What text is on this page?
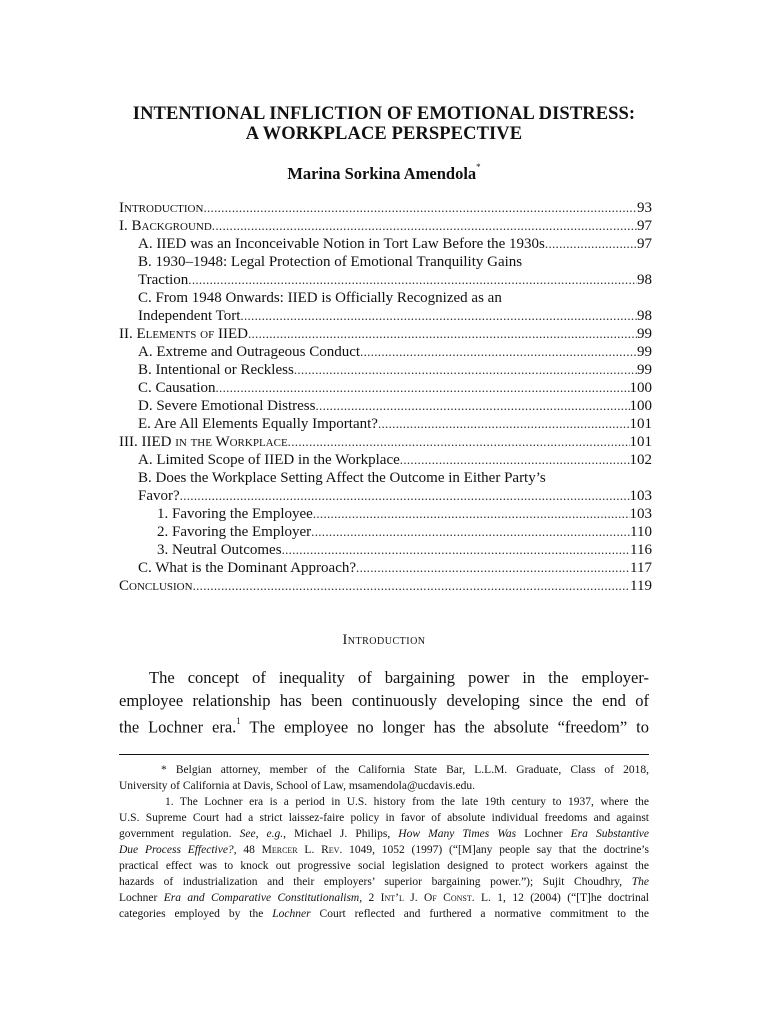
INTENTIONAL INFLICTION OF EMOTIONAL DISTRESS:
A WORKPLACE PERSPECTIVE
Marina Sorkina Amendola*
Introduction .....	93
I. Background .....	97
A. IIED was an Inconceivable Notion in Tort Law Before the 1930s .....	97
B. 1930–1948: Legal Protection of Emotional Tranquility Gains
Traction .....	98
C. From 1948 Onwards: IIED is Officially Recognized as an
Independent Tort .....	98
II. Elements of IIED .....	99
A. Extreme and Outrageous Conduct .....	99
B. Intentional or Reckless .....	99
C. Causation .....	100
D. Severe Emotional Distress .....	100
E. Are All Elements Equally Important? .....	101
III. IIED in the Workplace .....	101
A. Limited Scope of IIED in the Workplace .....	102
B. Does the Workplace Setting Affect the Outcome in Either Party’s
Favor? .....	103
1. Favoring the Employee .....	103
2. Favoring the Employer .....	110
3. Neutral Outcomes .....	116
C. What is the Dominant Approach? .....	117
Conclusion .....	119
Introduction
The concept of inequality of bargaining power in the employer-
employee relationship has been continuously developing since the end of
the Lochner era.$^1$ The employee no longer has the absolute “freedom” to
* Belgian attorney, member of the California State Bar, L.L.M. Graduate, Class of 2018,
University of California at Davis, School of Law, msamendola@ucdavis.edu.
1. The Lochner era is a period in U.S. history from the late 19th century to 1937, where the
U.S. Supreme Court had a strict laissez-faire policy in favor of absolute individual freedoms and against
government regulation. See, e.g., Michael J. Philips, How Many Times Was Lochner Era Substantive
Due Process Effective?, 48 Mercer L. Rev. 1049, 1052 (1997) (“[M]any people say that the doctrine’s
practical effect was to knock out progressive social legislation designed to protect workers against the
hazards of industrialization and their employers’ superior bargaining power.”); Sujit Choudhry, The
Lochner Era and Comparative Constitutionalism, 2 Int’l J. Of Const. L. 1, 12 (2004) (“[T]he doctrinal
categories employed by the Lochner Court reflected and furthered a normative commitment to the
